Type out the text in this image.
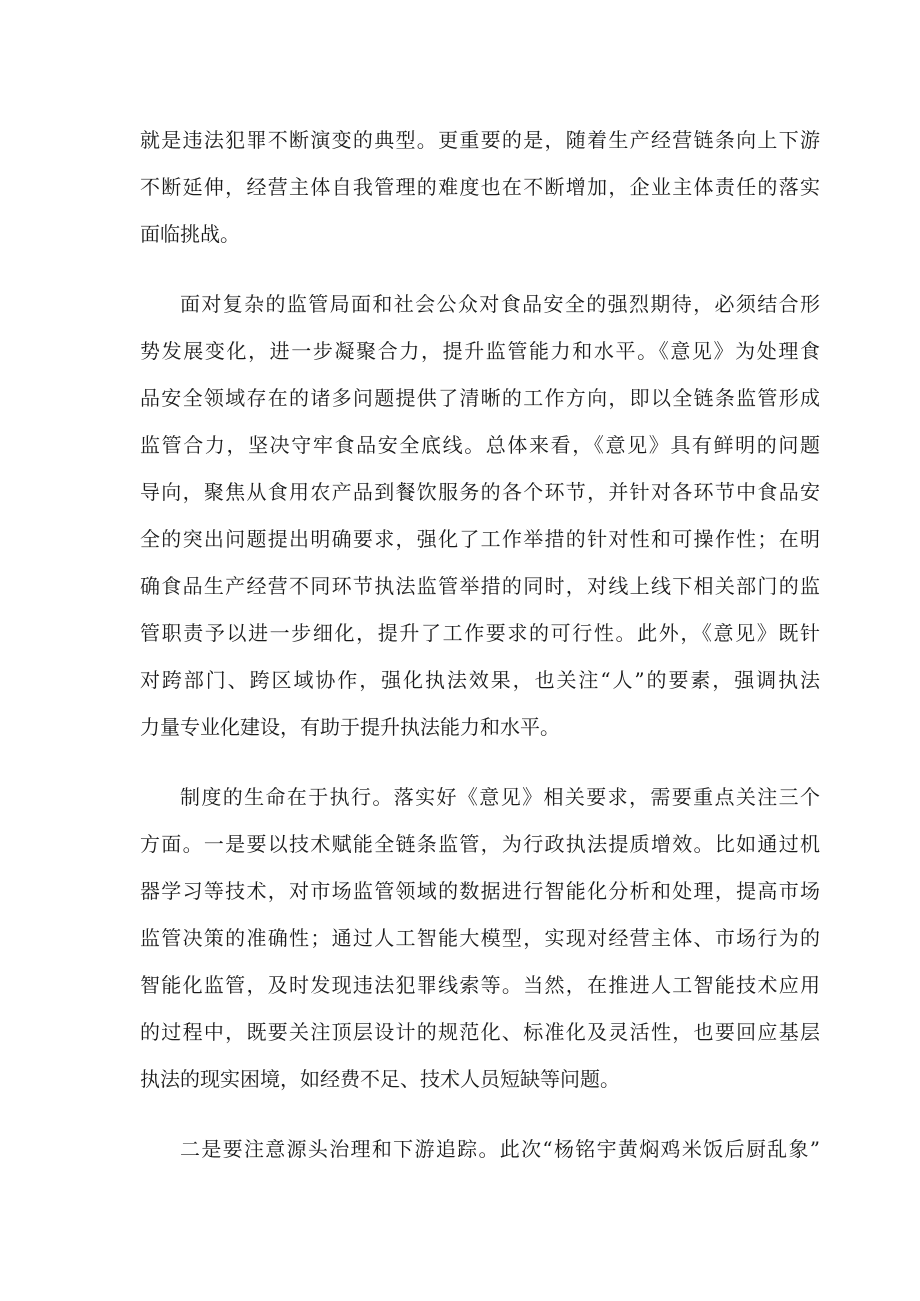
就是违法犯罪不断演变的典型。更重要的是，随着生产经营链条向上下游

不断延伸，经营主体自我管理的难度也在不断增加，企业主体责任的落实

面临挑战。

面对复杂的监管局面和社会公众对食品安全的强烈期待，必须结合形

势发展变化，进一步凝聚合力，提升监管能力和水平。《意见》为处理食

品安全领域存在的诸多问题提供了清晰的工作方向，即以全链条监管形成

监管合力，坚决守牢食品安全底线。总体来看，《意见》具有鲜明的问题

导向，聚焦从食用农产品到餐饮服务的各个环节，并针对各环节中食品安

全的突出问题提出明确要求，强化了工作举措的针对性和可操作性；在明

确食品生产经营不同环节执法监管举措的同时，对线上线下相关部门的监

管职责予以进一步细化，提升了工作要求的可行性。此外，《意见》既针

对跨部门、跨区域协作，强化执法效果，也关注“人”的要素，强调执法

力量专业化建设，有助于提升执法能力和水平。

制度的生命在于执行。落实好《意见》相关要求，需要重点关注三个

方面。一是要以技术赋能全链条监管，为行政执法提质增效。比如通过机

器学习等技术，对市场监管领域的数据进行智能化分析和处理，提高市场

监管决策的准确性；通过人工智能大模型，实现对经营主体、市场行为的

智能化监管，及时发现违法犯罪线索等。当然，在推进人工智能技术应用

的过程中，既要关注顶层设计的规范化、标准化及灵活性，也要回应基层

执法的现实困境，如经费不足、技术人员短缺等问题。

二是要注意源头治理和下游追踪。此次“杨铭宇黄焖鸡米饭后厨乱象”
